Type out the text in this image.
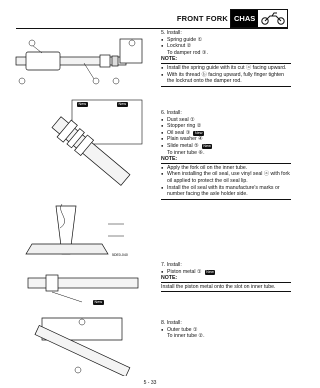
FRONT FORK CHAS
5DE0-040
New	New
New
5. Install:
● Spring guide ①
● Locknut ②
To damper rod ③.
NOTE:
● Install the spring guide with its cut ⓐ facing upward.
● With its thread ⓑ facing upward, fully finger tighten the locknut onto the damper rod.
6. Install:
● Dust seal ①
● Stopper ring ②
● Oil seal ③ New
● Plain washer ④
● Slide metal ⑤ New
To inner tube ⑥.
NOTE:
● Apply the fork oil on the inner tube.
● When installing the oil seal, use vinyl seal ⓐ with fork oil applied to protect the oil seal lip.
● Install the oil seal with its manufacture's marks or number facing the axle holder side.
7. Install:
● Piston metal ① New
NOTE:
Install the piston metal onto the slot on inner tube.
8. Install:
● Outer tube ①
To inner tube ②.
5 - 33
